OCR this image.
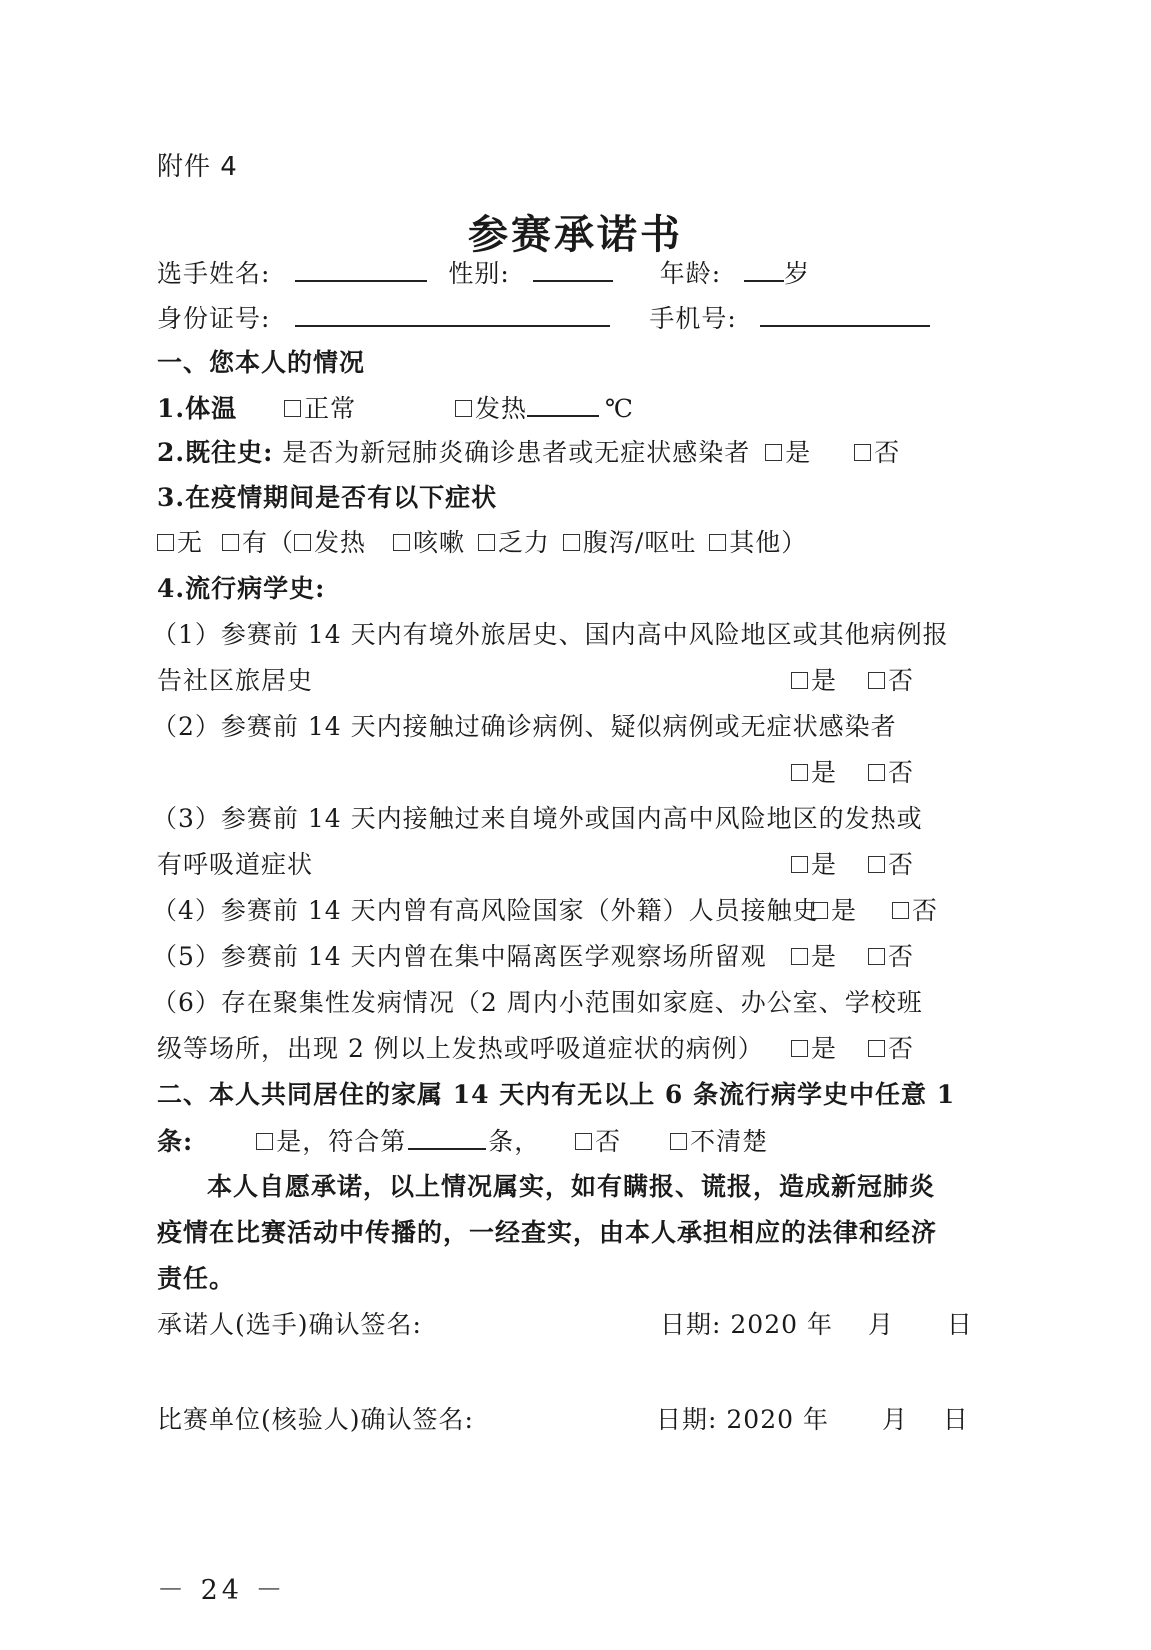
附件 4
参赛承诺书
选手姓名:	性别:	年龄:	岁
身份证号:	手机号:
一、您本人的情况
1.体温	正常	发热	℃
2.既往史: 是否为新冠肺炎确诊患者或无症状感染者 是	否
3.在疫情期间是否有以下症状
无 有（ 发热 咳嗽 乏力 腹泻/呕吐 其他）
4.流行病学史:
（1）参赛前 14 天内有境外旅居史、国内高中风险地区或其他病例报
告社区旅居史	是 否
（2）参赛前 14 天内接触过确诊病例、疑似病例或无症状感染者
是 否
（3）参赛前 14 天内接触过来自境外或国内高中风险地区的发热或
有呼吸道症状	是 否
（4）参赛前 14 天内曾有高风险国家（外籍）人员接触史 是 否
（5）参赛前 14 天内曾在集中隔离医学观察场所留观	是 否
（6）存在聚集性发病情况（2 周内小范围如家庭、办公室、学校班
级等场所，出现 2 例以上发热或呼吸道症状的病例）	是 否
二、本人共同居住的家属 14 天内有无以上 6 条流行病学史中任意 1
条:	是，符合第	条， 否	不清楚
本人自愿承诺，以上情况属实，如有瞒报、谎报，造成新冠肺炎
疫情在比赛活动中传播的，一经查实，由本人承担相应的法律和经济
责任。
承诺人(选手)确认签名:	日期: 2020 年 月 日
比赛单位(核验人)确认签名:	日期: 2020 年 月 日
－ 24 －
